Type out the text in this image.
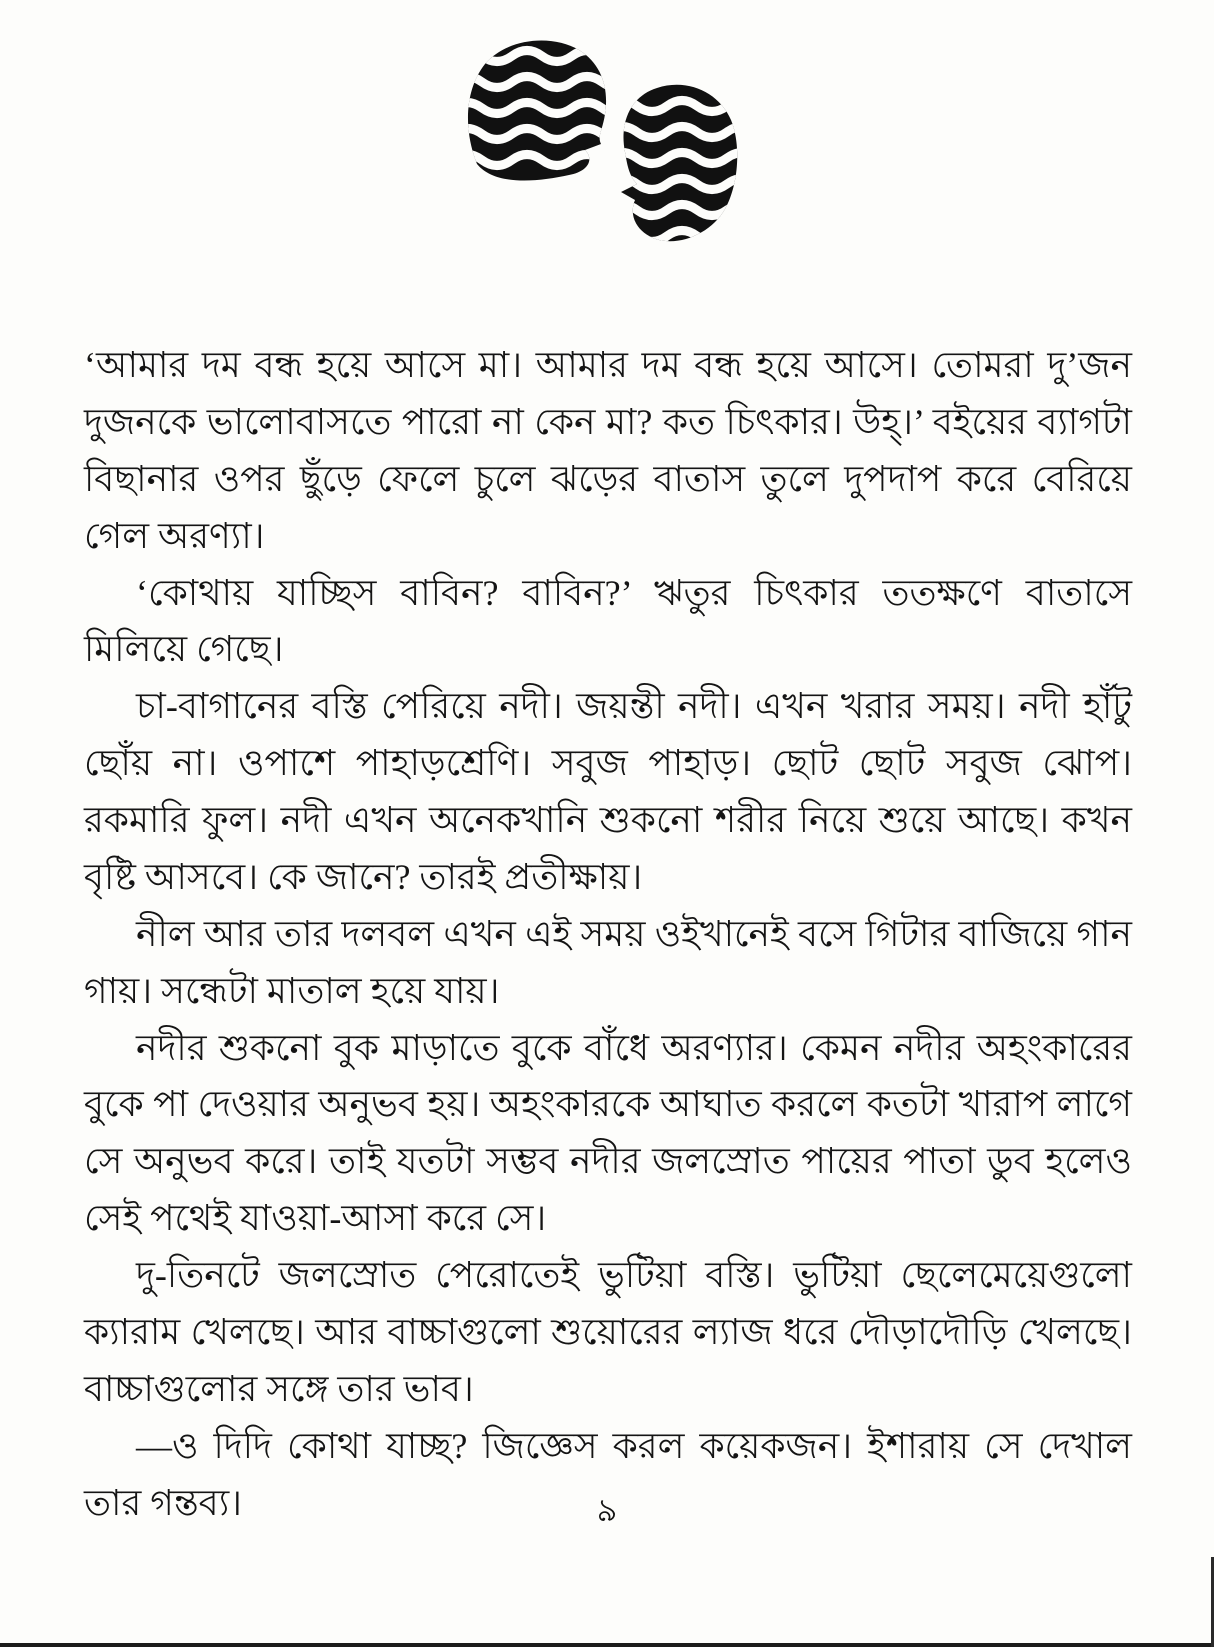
‘আমার দম বন্ধ হয়ে আসে মা। আমার দম বন্ধ হয়ে আসে। তোমরা দু’জন দুজনকে ভালোবাসতে পারো না কেন মা? কত চিৎকার। উহ্।’ বইয়ের ব্যাগটা বিছানার ওপর ছুঁড়ে ফেলে চুলে ঝড়ের বাতাস তুলে দুপদাপ করে বেরিয়ে গেল অরণ্যা।

‘কোথায় যাচ্ছিস বাবিন? বাবিন?’ ঋতুর চিৎকার ততক্ষণে বাতাসে মিলিয়ে গেছে।

চা-বাগানের বস্তি পেরিয়ে নদী। জয়ন্তী নদী। এখন খরার সময়। নদী হাঁটু ছোঁয় না। ওপাশে পাহাড়শ্রেণি। সবুজ পাহাড়। ছোট ছোট সবুজ ঝোপ। রকমারি ফুল। নদী এখন অনেকখানি শুকনো শরীর নিয়ে শুয়ে আছে। কখন বৃষ্টি আসবে। কে জানে? তারই প্রতীক্ষায়।

নীল আর তার দলবল এখন এই সময় ওইখানেই বসে গিটার বাজিয়ে গান গায়। সন্ধেটা মাতাল হয়ে যায়।

নদীর শুকনো বুক মাড়াতে বুকে বাঁধে অরণ্যার। কেমন নদীর অহংকারের বুকে পা দেওয়ার অনুভব হয়। অহংকারকে আঘাত করলে কতটা খারাপ লাগে সে অনুভব করে। তাই যতটা সম্ভব নদীর জলস্রোত পায়ের পাতা ডুব হলেও সেই পথেই যাওয়া-আসা করে সে।

দু-তিনটে জলস্রোত পেরোতেই ভুটিয়া বস্তি। ভুটিয়া ছেলেমেয়েগুলো ক্যারাম খেলছে। আর বাচ্চাগুলো শুয়োরের ল্যাজ ধরে দৌড়াদৌড়ি খেলছে। বাচ্চাগুলোর সঙ্গে তার ভাব।

—ও দিদি কোথা যাচ্ছ? জিজ্ঞেস করল কয়েকজন। ইশারায় সে দেখাল তার গন্তব্য।	৯
